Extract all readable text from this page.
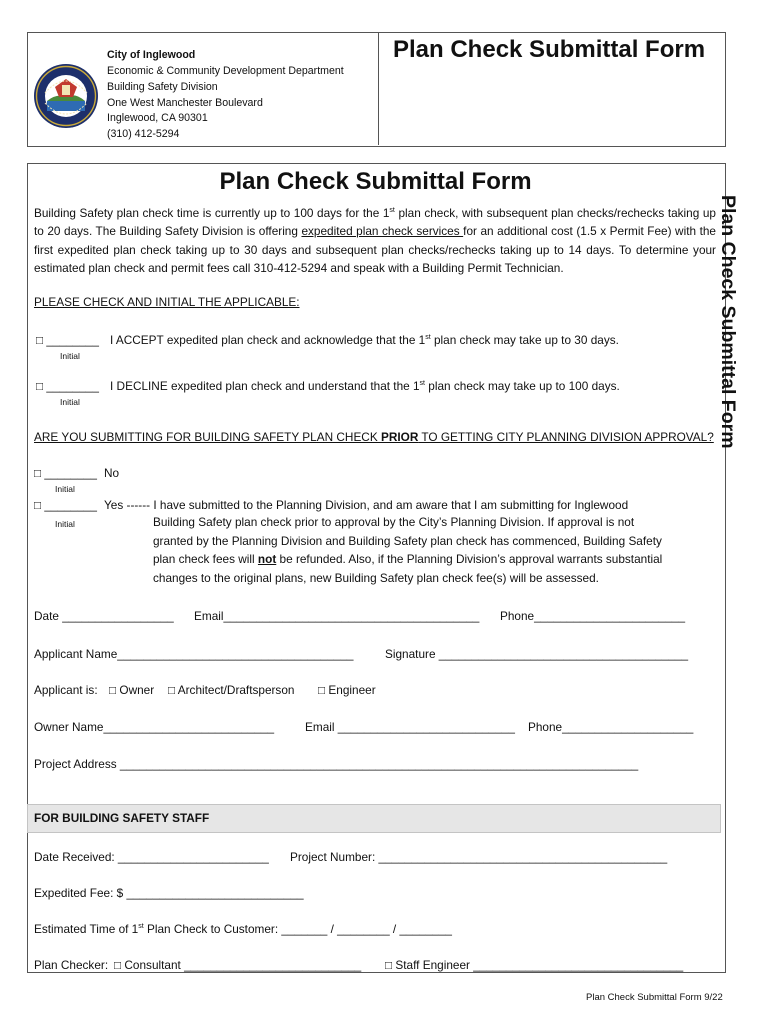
City of Inglewood
Economic & Community Development Department
Building Safety Division
One West Manchester Boulevard
Inglewood, CA 90301
(310) 412-5294
Plan Check Submittal Form
Plan Check Submittal Form
Plan Check Submittal Form
Building Safety plan check time is currently up to 100 days for the 1st plan check, with subsequent plan checks/rechecks taking up to 20 days. The Building Safety Division is offering expedited plan check services for an additional cost (1.5 x Permit Fee) with the first expedited plan check taking up to 30 days and subsequent plan checks/rechecks taking up to 14 days. To determine your estimated plan check and permit fees call 310-412-5294 and speak with a Building Permit Technician.
PLEASE CHECK AND INITIAL THE APPLICABLE:
□ ________ I ACCEPT expedited plan check and acknowledge that the 1st plan check may take up to 30 days.
Initial
□ ________ I DECLINE expedited plan check and understand that the 1st plan check may take up to 100 days.
Initial
ARE YOU SUBMITTING FOR BUILDING SAFETY PLAN CHECK PRIOR TO GETTING CITY PLANNING DIVISION APPROVAL?
□ ________ No
Initial
□ ________ Yes ------ I have submitted to the Planning Division, and am aware that I am submitting for Inglewood
Initial	Building Safety plan check prior to approval by the City’s Planning Division. If approval is not
granted by the Planning Division and Building Safety plan check has commenced, Building Safety
plan check fees will not be refunded. Also, if the Planning Division’s approval warrants substantial
changes to the original plans, new Building Safety plan check fee(s) will be assessed.
Date _________________ Email_______________________________________ Phone_______________________
Applicant Name____________________________________	Signature ______________________________________
Applicant is: □ Owner □ Architect/Draftsperson □ Engineer
Owner Name__________________________	Email ___________________________ Phone____________________
Project Address _______________________________________________________________________________
FOR BUILDING SAFETY STAFF
Date Received: _______________________ Project Number: ____________________________________________
Expedited Fee: $ ___________________________
Estimated Time of 1st Plan Check to Customer: _______ / ________ / ________
Plan Checker: □ Consultant ___________________________ □ Staff Engineer ________________________________
Plan Check Submittal Form 9/22
